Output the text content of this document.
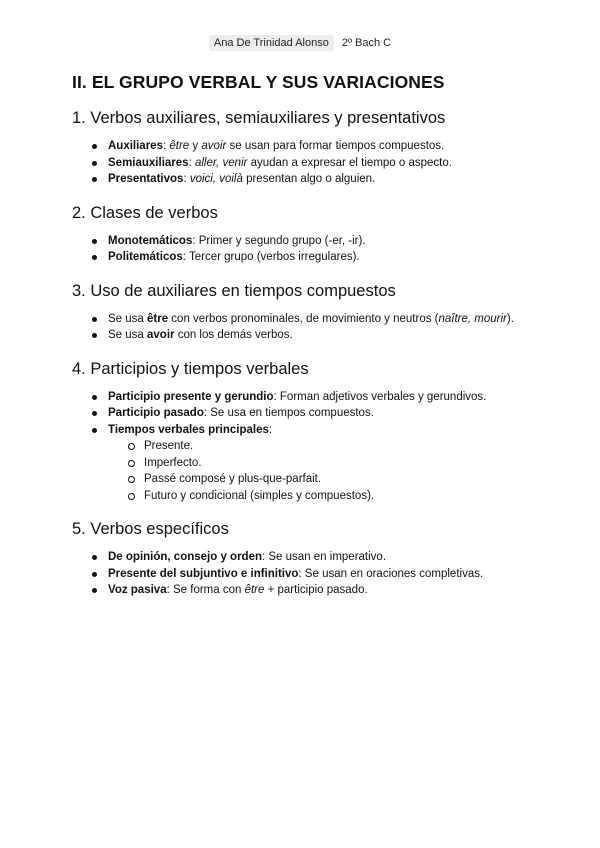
Ana De Trinidad Alonso 2º Bach C
II. EL GRUPO VERBAL Y SUS VARIACIONES
1. Verbos auxiliares, semiauxiliares y presentativos
Auxiliares: être y avoir se usan para formar tiempos compuestos.
Semiauxiliares: aller, venir ayudan a expresar el tiempo o aspecto.
Presentativos: voici, voilà presentan algo o alguien.
2. Clases de verbos
Monotemáticos: Primer y segundo grupo (-er, -ir).
Politemáticos: Tercer grupo (verbos irregulares).
3. Uso de auxiliares en tiempos compuestos
Se usa être con verbos pronominales, de movimiento y neutros (naître, mourir).
Se usa avoir con los demás verbos.
4. Participios y tiempos verbales
Participio presente y gerundio: Forman adjetivos verbales y gerundivos.
Participio pasado: Se usa en tiempos compuestos.
Tiempos verbales principales:
Presente.
Imperfecto.
Passé composé y plus-que-parfait.
Futuro y condicional (simples y compuestos).
5. Verbos específicos
De opinión, consejo y orden: Se usan en imperativo.
Presente del subjuntivo e infinitivo: Se usan en oraciones completivas.
Voz pasiva: Se forma con être + participio pasado.
